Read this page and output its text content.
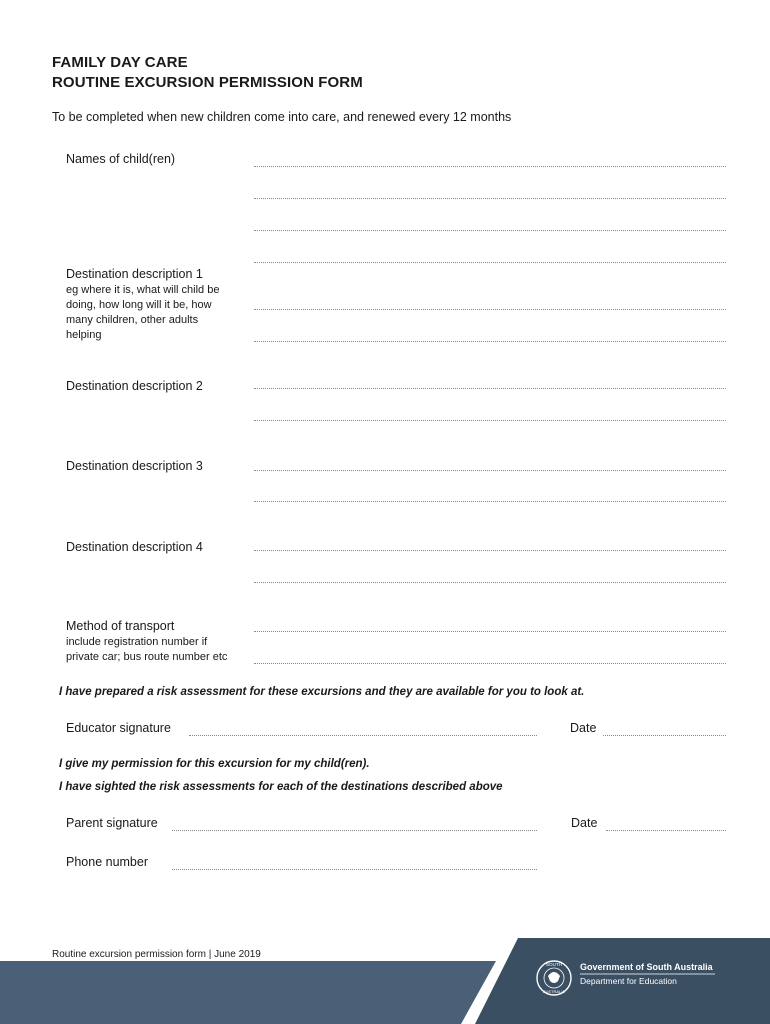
FAMILY DAY CARE
ROUTINE EXCURSION PERMISSION FORM
To be completed when new children come into care, and renewed every 12 months
Names of child(ren)
Destination description 1
eg where it is, what will child be
doing, how long will it be, how
many children, other adults
helping
Destination description 2
Destination description 3
Destination description 4
Method of transport
include registration number if
private car; bus route number etc
I have prepared a risk assessment for these excursions and they are available for you to look at.
Educator signature	Date
I give my permission for this excursion for my child(ren).
I have sighted the risk assessments for each of the destinations described above
Parent signature	Date
Phone number
Routine excursion permission form | June 2019
SOUTH
AUSTRALIA
Government of South Australia
Department for Education
